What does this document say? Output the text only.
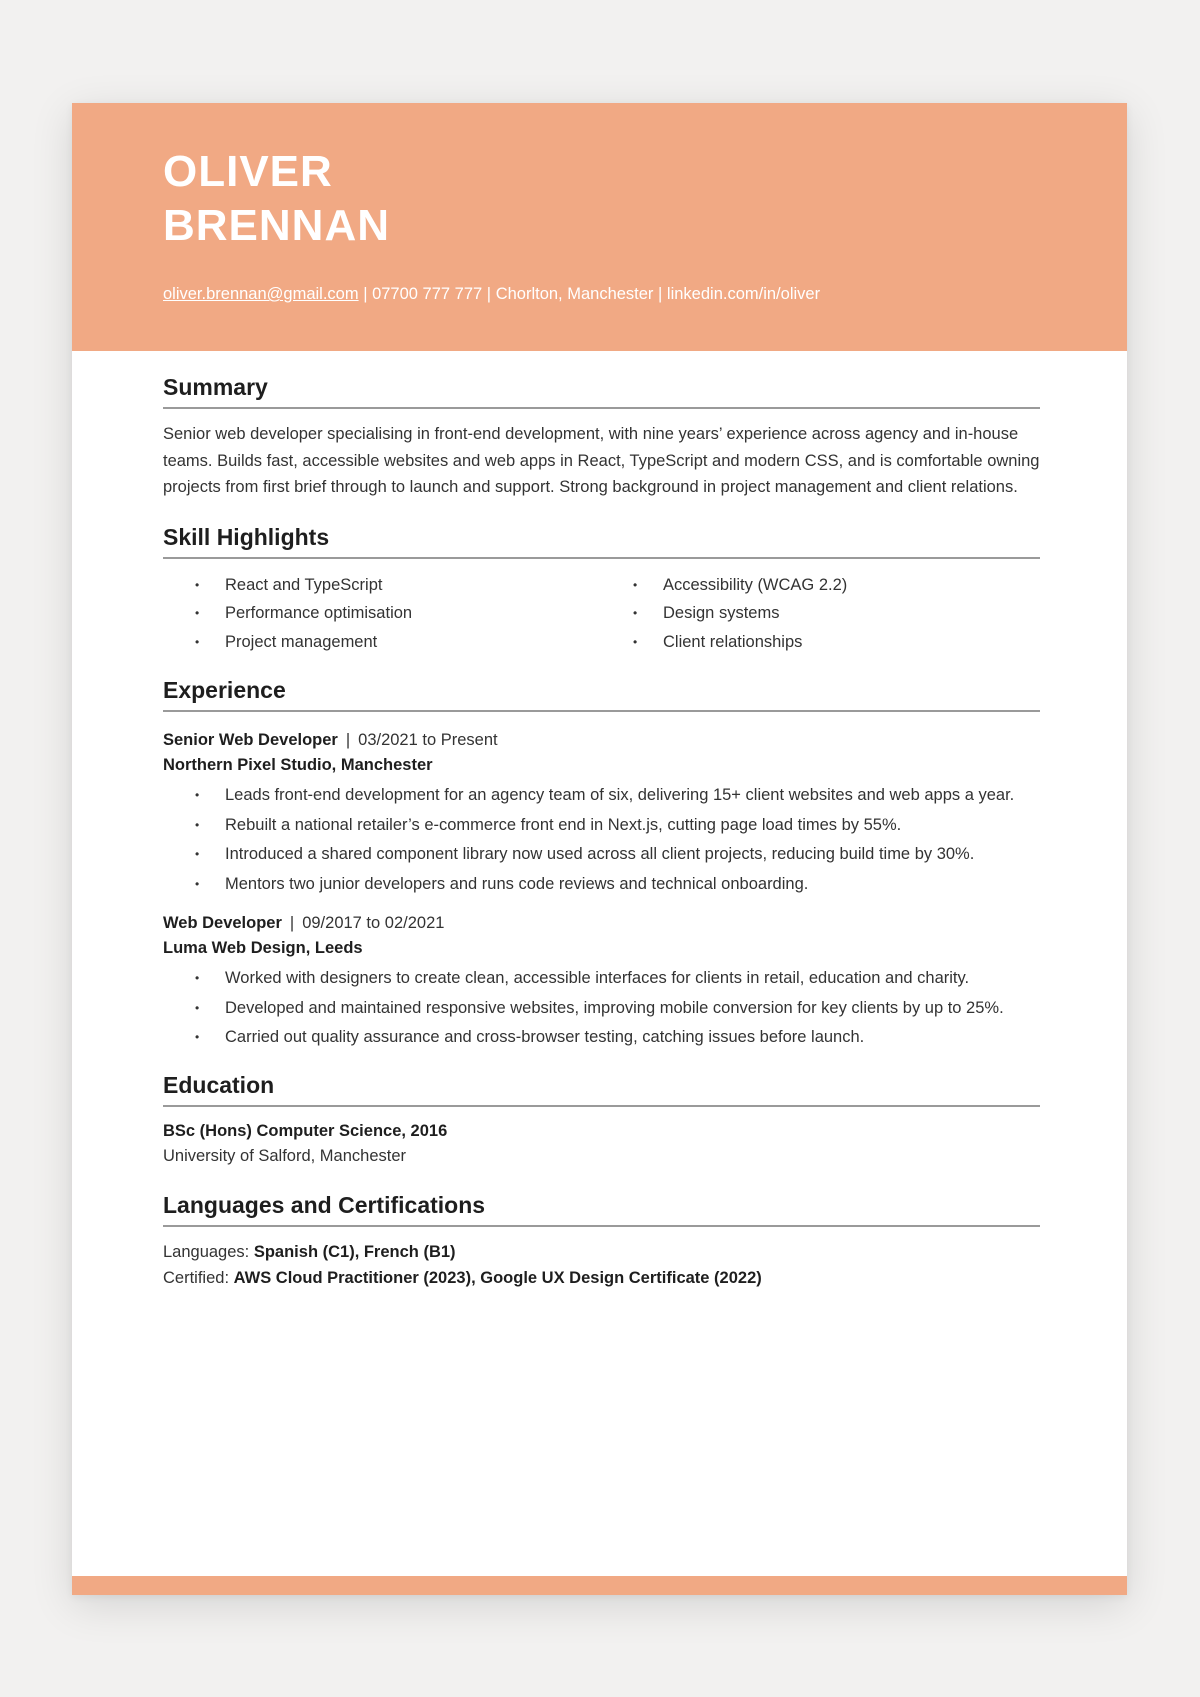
OLIVER
BRENNAN
oliver.brennan@gmail.com | 07700 777 777 | Chorlton, Manchester | linkedin.com/in/oliver
Summary

Senior web developer specialising in front-end development, with nine years’ experience across agency and in-house teams. Builds fast, accessible websites and web apps in React, TypeScript and modern CSS, and is comfortable owning projects from first brief through to launch and support. Strong background in project management and client relations.

Skill Highlights
• React and TypeScript
• Performance optimisation
• Project management
• Accessibility (WCAG 2.2)
• Design systems
• Client relationships
Experience
Senior Web Developer | 03/2021 to Present
Northern Pixel Studio, Manchester
• Leads front-end development for an agency team of six, delivering 15+ client websites and web apps a year.
• Rebuilt a national retailer’s e-commerce front end in Next.js, cutting page load times by 55%.
• Introduced a shared component library now used across all client projects, reducing build time by 30%.
• Mentors two junior developers and runs code reviews and technical onboarding.
Web Developer | 09/2017 to 02/2021
Luma Web Design, Leeds
• Worked with designers to create clean, accessible interfaces for clients in retail, education and charity.
• Developed and maintained responsive websites, improving mobile conversion for key clients by up to 25%.
• Carried out quality assurance and cross-browser testing, catching issues before launch.
Education
BSc (Hons) Computer Science, 2016
University of Salford, Manchester
Languages and Certifications
Languages: Spanish (C1), French (B1)
Certified: AWS Cloud Practitioner (2023), Google UX Design Certificate (2022)
